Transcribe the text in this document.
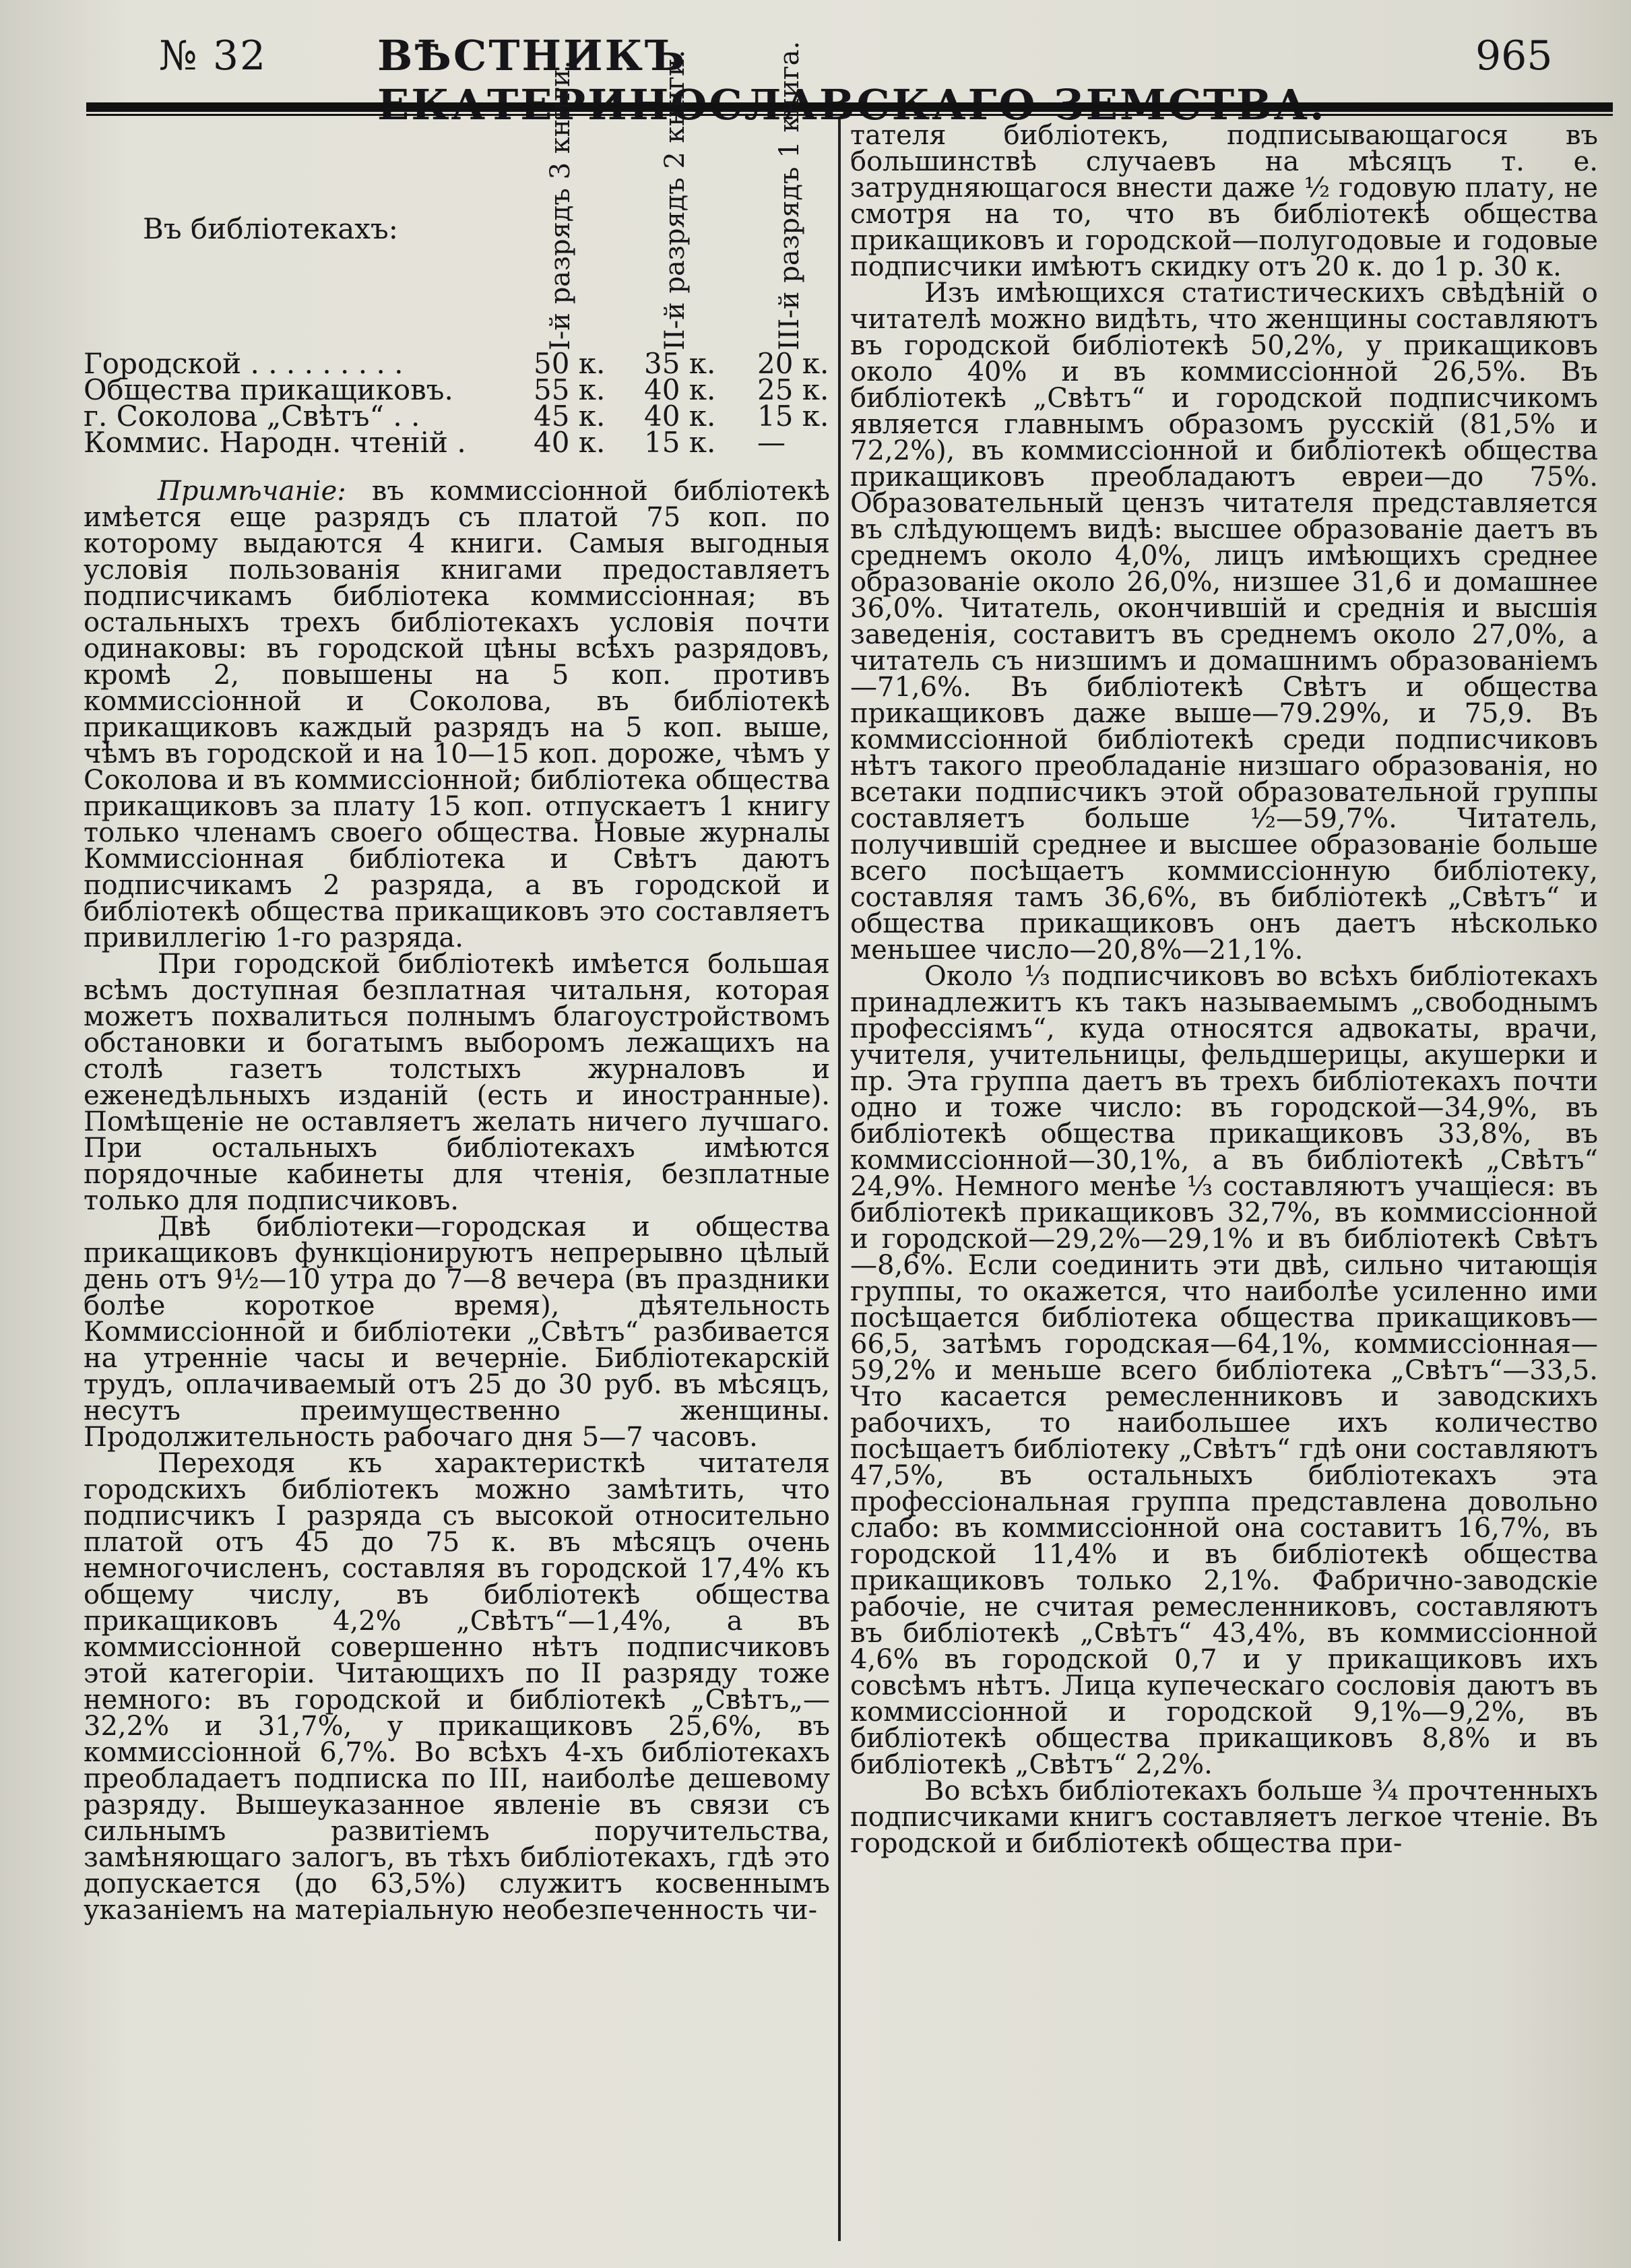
№ 32	ВѢСТНИКЪ	965
Въ библіотекахъ:	I-й разрядъ 3 книги.	II-й разрядъ 2 книги.	III-й разрядъ 1 книга.
Городской . . . . . . . . .	50 к. 35 к. 20 к.
Общества прикащиковъ.	55 к. 40 к. 25 к.
г. Соколова „Свѣтъ“ . .	45 к. 40 к. 15 к.
Коммис. Народн. чтеній . 40 к. 15 к. —

Примѣчаніе: въ коммиссіонной библіотекѣ имѣется еще разрядъ съ платой 75 коп. по которому выдаются 4 книги. Самыя выгодныя условія пользованія книгами предоставляетъ подписчикамъ библіотека коммиссіонная; въ остальныхъ трехъ библіотекахъ условія почти одинаковы: въ городской цѣны всѣхъ разрядовъ, кромѣ 2, повышены на 5 коп. противъ коммиссіонной и Соколова, въ библіотекѣ прикащиковъ каждый разрядъ на 5 коп. выше, чѣмъ въ городской и на 10—15 коп. дороже, чѣмъ у Соколова и въ коммиссіонной; библіотека общества прикащиковъ за плату 15 коп. отпускаетъ 1 книгу только членамъ своего общества. Новые журналы Коммиссіонная библіотека и Свѣтъ даютъ подписчикамъ 2 разряда, а въ городской и библіотекѣ общества прикащиковъ это составляетъ привиллегію 1-го разряда.

При городской библіотекѣ имѣется большая всѣмъ доступная безплатная читальня, которая можетъ похвалиться полнымъ благоустройствомъ обстановки и богатымъ выборомъ лежащихъ на столѣ газетъ толстыхъ журналовъ и еженедѣльныхъ изданій (есть и иностранные). Помѣщеніе не оставляетъ желать ничего лучшаго. При остальныхъ библіотекахъ имѣются порядочные кабинеты для чтенія, безплатные только для подписчиковъ.

Двѣ библіотеки—городская и общества прикащиковъ функціонируютъ непрерывно цѣлый день отъ 9½—10 утра до 7—8 вечера (въ праздники болѣе короткое время), дѣятельность Коммиссіонной и библіотеки „Свѣтъ“ разбивается на утренніе часы и вечерніе. Библіотекарскій трудъ, оплачиваемый отъ 25 до 30 руб. въ мѣсяцъ, несутъ преимущественно женщины. Продолжительность рабочаго дня 5—7 часовъ.

Переходя къ характеристкѣ читателя городскихъ библіотекъ можно замѣтить, что подписчикъ I разряда съ высокой относительно платой отъ 45 до 75 к. въ мѣсяцъ очень немногочисленъ, составляя въ городской 17,4% къ общему числу, въ библіотекѣ общества прикащиковъ 4,2% „Свѣтъ“—1,4%, а въ коммиссіонной совершенно нѣтъ подписчиковъ этой категоріи. Читающихъ по II разряду тоже немного: въ городской и библіотекѣ „Свѣтъ„—32,2% и 31,7%, у прикащиковъ 25,6%, въ коммиссіонной 6,7%. Во всѣхъ 4-хъ библіотекахъ преобладаетъ подписка по III, наиболѣе дешевому разряду. Вышеуказанное явленіе въ связи съ сильнымъ развитіемъ поручительства, замѣняющаго залогъ, въ тѣхъ библіотекахъ, гдѣ это допускается (до 63,5%) служитъ косвеннымъ указаніемъ на матеріальную необезпеченность чи-

тателя библіотекъ, подписывающагося въ большинствѣ случаевъ на мѣсяцъ т. е. затрудняющагося внести даже ½ годовую плату, не смотря на то, что въ библіотекѣ общества прикащиковъ и городской—полугодовые и годовые подписчики имѣютъ скидку отъ 20 к. до 1 р. 30 к.

Изъ имѣющихся статистическихъ свѣдѣній о читателѣ можно видѣть, что женщины составляютъ въ городской библіотекѣ 50,2%, у прикащиковъ около 40% и въ коммиссіонной 26,5%. Въ библіотекѣ „Свѣтъ“ и городской подписчикомъ является главнымъ образомъ русскій (81,5% и 72,2%), въ коммиссіонной и библіотекѣ общества прикащиковъ преобладаютъ евреи—до 75%. Образовательный цензъ читателя представляется въ слѣдующемъ видѣ: высшее образованіе даетъ въ среднемъ около 4,0%, лицъ имѣющихъ среднее образованіе около 26,0%, низшее 31,6 и домашнее 36,0%. Читатель, окончившій и среднія и высшія заведенія, составитъ въ среднемъ около 27,0%, а читатель съ низшимъ и домашнимъ образованіемъ—71,6%. Въ библіотекѣ Свѣтъ и общества прикащиковъ даже выше—79.29%, и 75,9. Въ коммиссіонной библіотекѣ среди подписчиковъ нѣтъ такого преобладаніе низшаго образованія, но всетаки подписчикъ этой образовательной группы составляетъ больше ½—59,7%. Читатель, получившій среднее и высшее образованіе больше всего посѣщаетъ коммиссіонную библіотеку, составляя тамъ 36,6%, въ библіотекѣ „Свѣтъ“ и общества прикащиковъ онъ даетъ нѣсколько меньшее число—20,8%—21,1%.

Около ⅓ подписчиковъ во всѣхъ библіотекахъ принадлежитъ къ такъ называемымъ „свободнымъ профессіямъ“, куда относятся адвокаты, врачи, учителя, учительницы, фельдшерицы, акушерки и пр. Эта группа даетъ въ трехъ библіотекахъ почти одно и тоже число: въ городской—34,9%, въ библіотекѣ общества прикащиковъ 33,8%, въ коммиссіонной—30,1%, а въ библіотекѣ „Свѣтъ“ 24,9%. Немного менѣе ⅓ составляютъ учащіеся: въ библіотекѣ прикащиковъ 32,7%, въ коммиссіонной и городской—29,2%—29,1% и въ библіотекѣ Свѣтъ—8,6%. Если соединить эти двѣ, сильно читающія группы, то окажется, что наиболѣе усиленно ими посѣщается библіотека общества прикащиковъ—66,5, затѣмъ городская—64,1%, коммиссіонная—59,2% и меньше всего библіотека „Свѣтъ“—33,5. Что касается ремесленниковъ и заводскихъ рабочихъ, то наибольшее ихъ количество посѣщаетъ библіотеку „Свѣтъ“ гдѣ они составляютъ 47,5%, въ остальныхъ библіотекахъ эта профессіональная группа представлена довольно слабо: въ коммиссіонной она составитъ 16,7%, въ городской 11,4% и въ библіотекѣ общества прикащиковъ только 2,1%. Фабрично-заводскіе рабочіе, не считая ремесленниковъ, составляютъ въ библіотекѣ „Свѣтъ“ 43,4%, въ коммиссіонной 4,6% въ городской 0,7 и у прикащиковъ ихъ совсѣмъ нѣтъ. Лица купеческаго сословія даютъ въ коммиссіонной и городской 9,1%—9,2%, въ библіотекѣ общества прикащиковъ 8,8% и въ библіотекѣ „Свѣтъ“ 2,2%.

Во всѣхъ библіотекахъ больше ¾ прочтенныхъ подписчиками книгъ составляетъ легкое чтеніе. Въ городской и библіотекѣ общества при-
